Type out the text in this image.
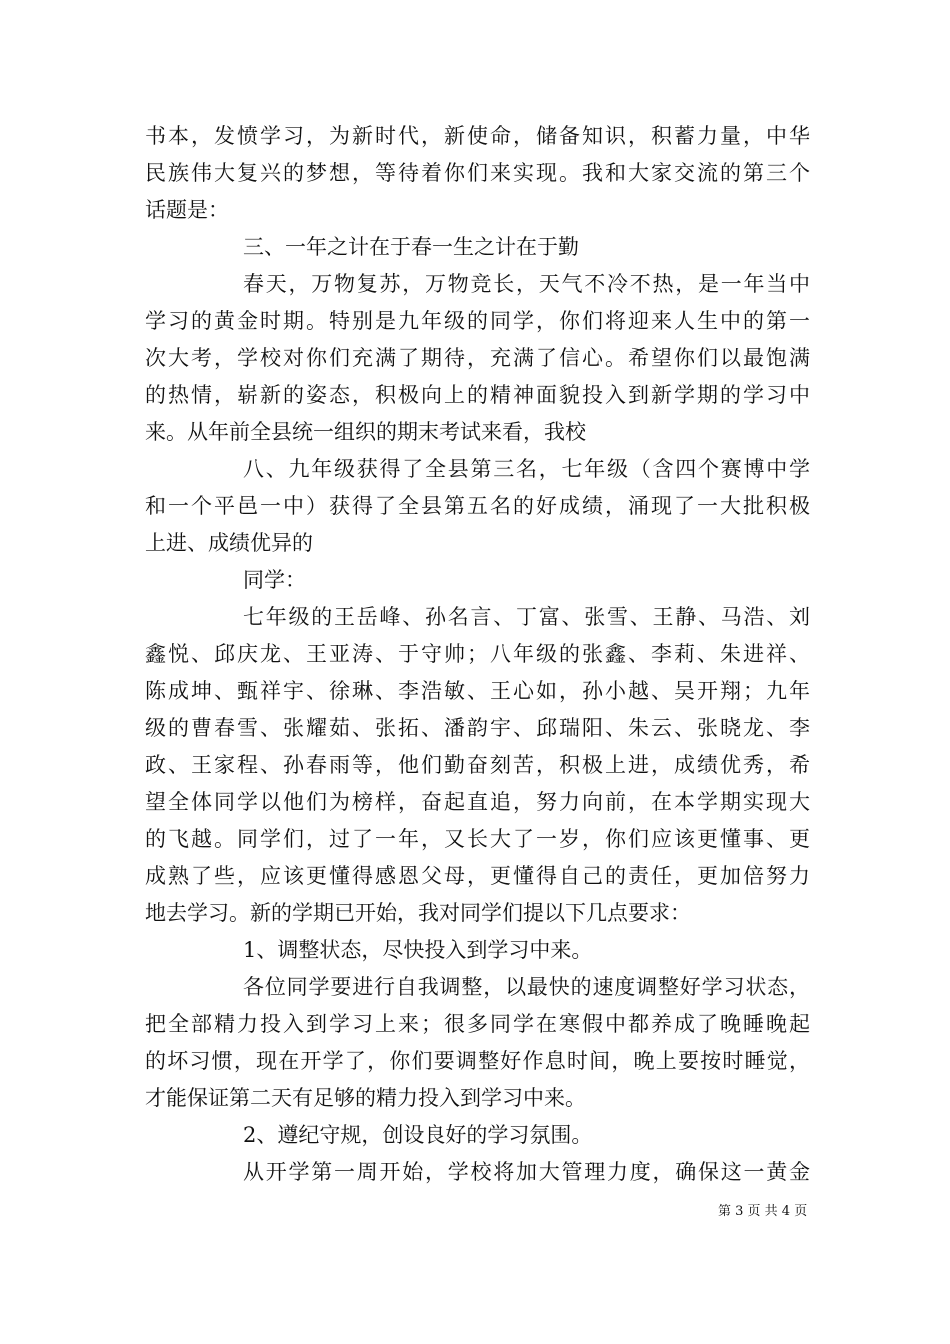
书本，发愤学习，为新时代，新使命，储备知识，积蓄力量，中华

民族伟大复兴的梦想，等待着你们来实现。我和大家交流的第三个

话题是：

三、一年之计在于春一生之计在于勤

春天，万物复苏，万物竞长，天气不冷不热，是一年当中

学习的黄金时期。特别是九年级的同学，你们将迎来人生中的第一

次大考，学校对你们充满了期待，充满了信心。希望你们以最饱满

的热情，崭新的姿态，积极向上的精神面貌投入到新学期的学习中

来。从年前全县统一组织的期末考试来看，我校

八、九年级获得了全县第三名，七年级（含四个赛博中学

和一个平邑一中）获得了全县第五名的好成绩，涌现了一大批积极

上进、成绩优异的

同学：

七年级的王岳峰、孙名言、丁富、张雪、王静、马浩、刘

鑫悦、邱庆龙、王亚涛、于守帅；八年级的张鑫、李莉、朱进祥、

陈成坤、甄祥宇、徐琳、李浩敏、王心如，孙小越、吴开翔；九年

级的曹春雪、张耀茹、张拓、潘韵宇、邱瑞阳、朱云、张晓龙、李

政、王家程、孙春雨等，他们勤奋刻苦，积极上进，成绩优秀，希

望全体同学以他们为榜样，奋起直追，努力向前，在本学期实现大

的飞越。同学们，过了一年，又长大了一岁，你们应该更懂事、更

成熟了些，应该更懂得感恩父母，更懂得自己的责任，更加倍努力

地去学习。新的学期已开始，我对同学们提以下几点要求：

1、调整状态，尽快投入到学习中来。

各位同学要进行自我调整，以最快的速度调整好学习状态，

把全部精力投入到学习上来；很多同学在寒假中都养成了晚睡晚起

的坏习惯，现在开学了，你们要调整好作息时间，晚上要按时睡觉，

才能保证第二天有足够的精力投入到学习中来。

2、遵纪守规，创设良好的学习氛围。

从开学第一周开始，学校将加大管理力度，确保这一黄金

第 3 页 共 4 页
